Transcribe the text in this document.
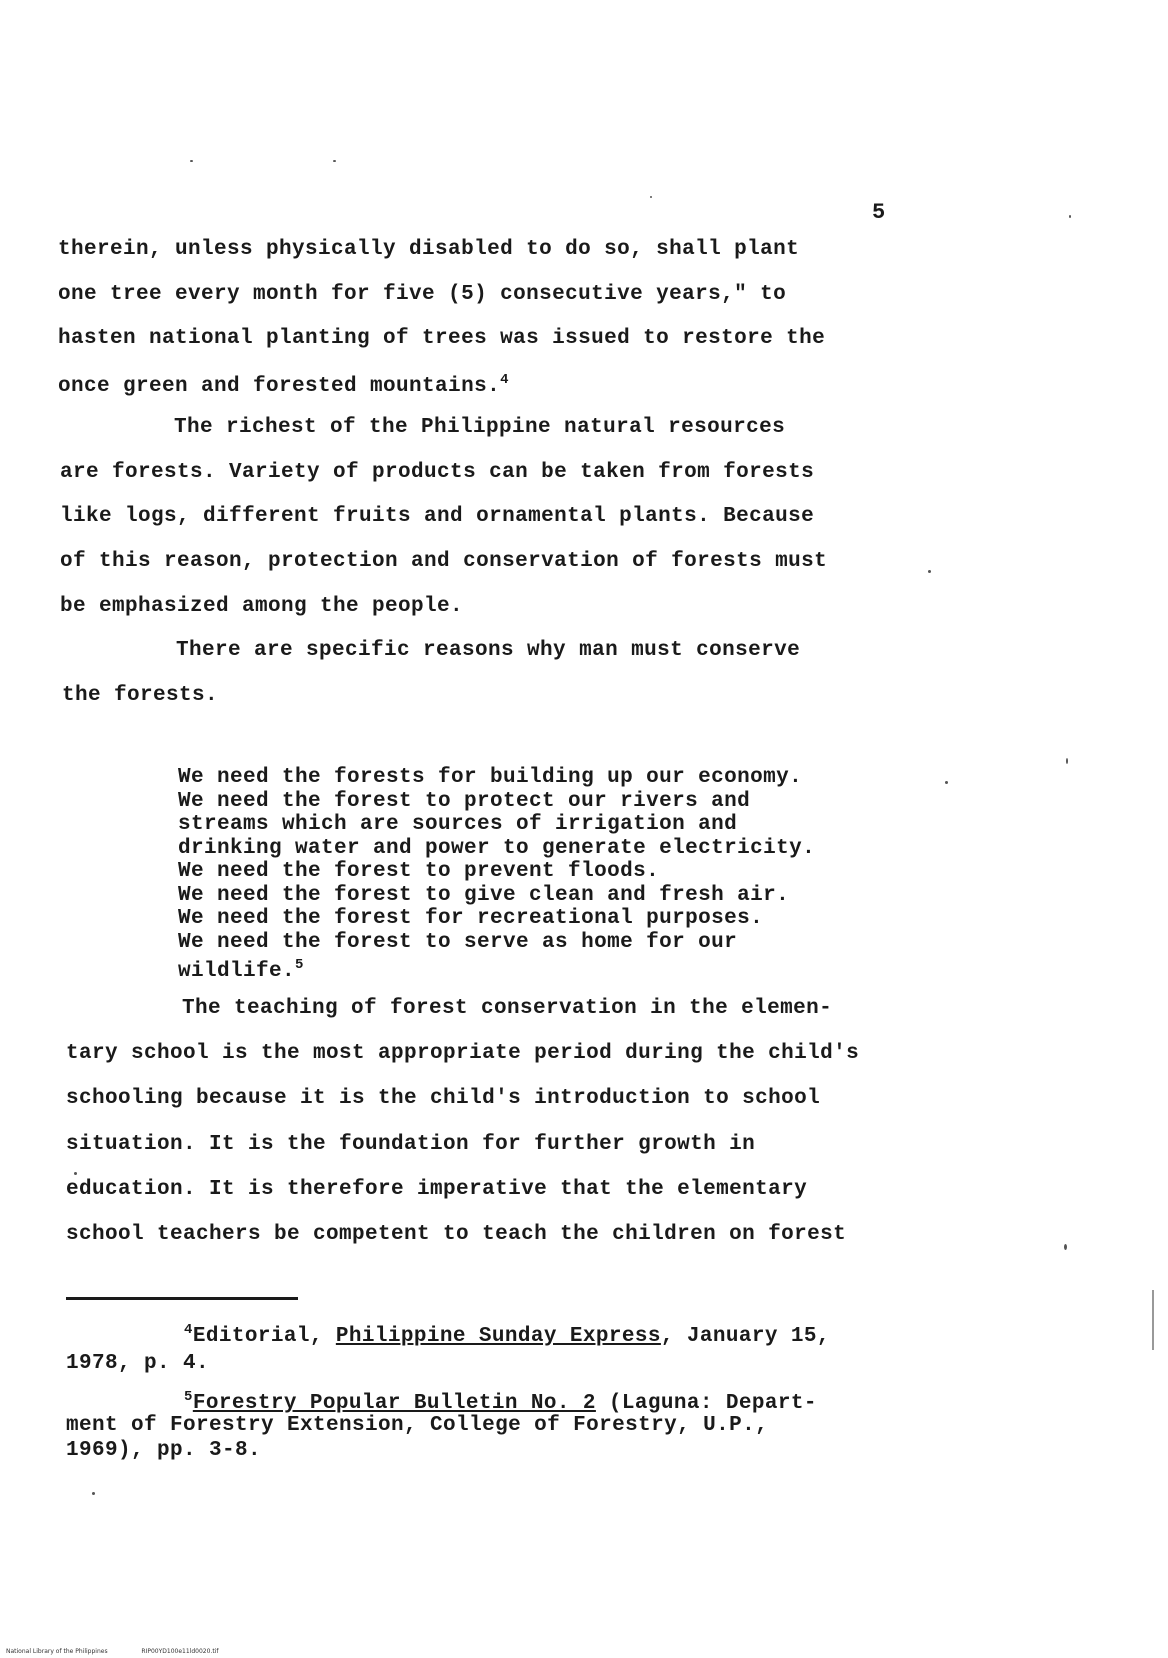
5
therein, unless physically disabled to do so, shall plant
one tree every month for five (5) consecutive years," to
hasten national planting of trees was issued to restore the
once green and forested mountains.$^4$
The richest of the Philippine natural resources
are forests. Variety of products can be taken from forests
like logs, different fruits and ornamental plants. Because
of this reason, protection and conservation of forests must
be emphasized among the people.
There are specific reasons why man must conserve
the forests.
We need the forests for building up our economy.
We need the forest to protect our rivers and
streams which are sources of irrigation and
drinking water and power to generate electricity.
We need the forest to prevent floods.
We need the forest to give clean and fresh air.
We need the forest for recreational purposes.
We need the forest to serve as home for our
wildlife.$^5$
The teaching of forest conservation in the elemen-
tary school is the most appropriate period during the child's
schooling because it is the child's introduction to school
situation. It is the foundation for further growth in
education. It is therefore imperative that the elementary
school teachers be competent to teach the children on forest
$^4$Editorial, Philippine Sunday Express, January 15,
1978, p. 4.
$^5$Forestry Popular Bulletin No. 2 (Laguna: Depart-
ment of Forestry Extension, College of Forestry, U.P.,
1969), pp. 3-8.
National Library of the Philippines	RIP00YD100e11ld0020.tif
